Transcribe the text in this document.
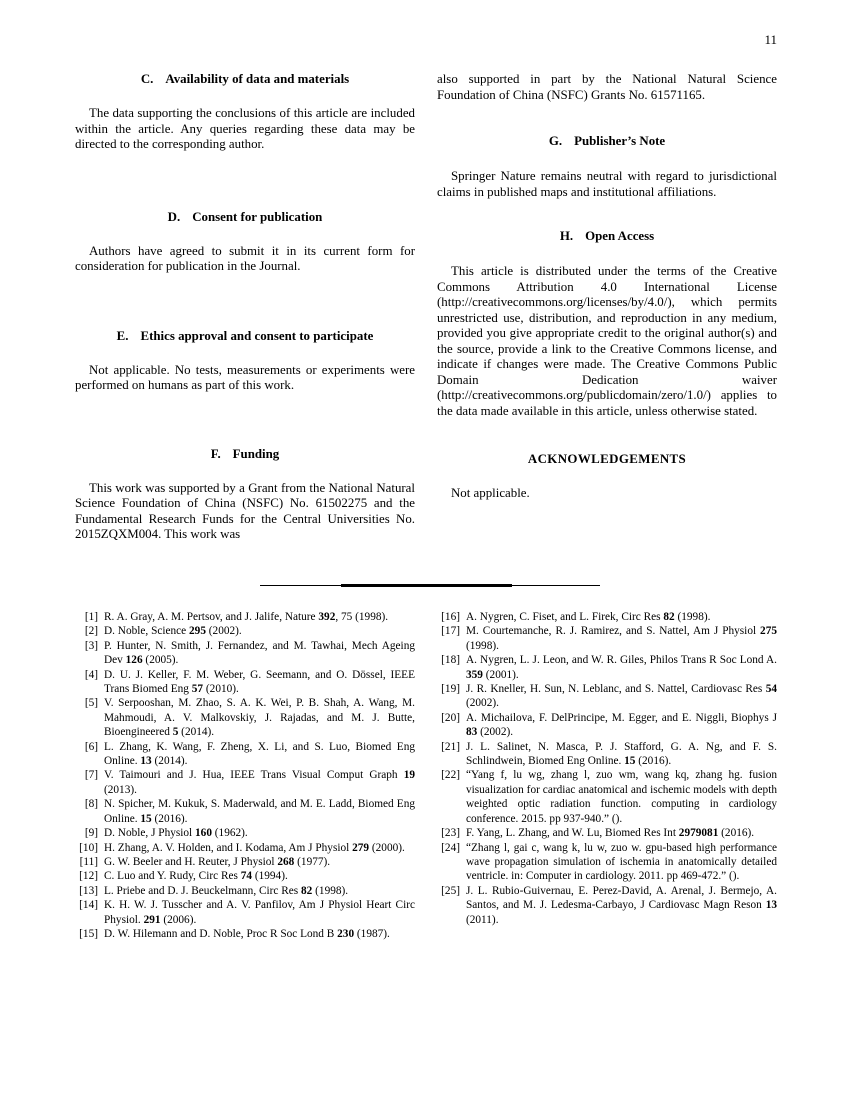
11
C. Availability of data and materials

The data supporting the conclusions of this article are included within the article. Any queries regarding these data may be directed to the corresponding author.

D. Consent for publication

Authors have agreed to submit it in its current form for consideration for publication in the Journal.

E. Ethics approval and consent to participate

Not applicable. No tests, measurements or experiments were performed on humans as part of this work.

F. Funding

This work was supported by a Grant from the National Natural Science Foundation of China (NSFC) No. 61502275 and the Fundamental Research Funds for the Central Universities No. 2015ZQXM004. This work was

also supported in part by the National Natural Science Foundation of China (NSFC) Grants No. 61571165.

G. Publisher’s Note

Springer Nature remains neutral with regard to jurisdictional claims in published maps and institutional affiliations.

H. Open Access

This article is distributed under the terms of the Creative Commons Attribution 4.0 International License (http://creativecommons.org/licenses/by/4.0/), which permits unrestricted use, distribution, and reproduction in any medium, provided you give appropriate credit to the original author(s) and the source, provide a link to the Creative Commons license, and indicate if changes were made. The Creative Commons Public Domain Dedication waiver (http://creativecommons.org/publicdomain/zero/1.0/) applies to the data made available in this article, unless otherwise stated.

ACKNOWLEDGEMENTS

Not applicable.

[1] R. A. Gray, A. M. Pertsov, and J. Jalife, Nature 392, 75 (1998).
[2] D. Noble, Science 295 (2002).
[3] P. Hunter, N. Smith, J. Fernandez, and M. Tawhai, Mech Ageing Dev 126 (2005).
[4] D. U. J. Keller, F. M. Weber, G. Seemann, and O. Dössel, IEEE Trans Biomed Eng 57 (2010).
[5] V. Serpooshan, M. Zhao, S. A. K. Wei, P. B. Shah, A. Wang, M. Mahmoudi, A. V. Malkovskiy, J. Rajadas, and M. J. Butte, Bioengineered 5 (2014).
[6] L. Zhang, K. Wang, F. Zheng, X. Li, and S. Luo, Biomed Eng Online. 13 (2014).
[7] V. Taimouri and J. Hua, IEEE Trans Visual Comput Graph 19 (2013).
[8] N. Spicher, M. Kukuk, S. Maderwald, and M. E. Ladd, Biomed Eng Online. 15 (2016).
[9] D. Noble, J Physiol 160 (1962).
[10] H. Zhang, A. V. Holden, and I. Kodama, Am J Physiol 279 (2000).
[11] G. W. Beeler and H. Reuter, J Physiol 268 (1977).
[12] C. Luo and Y. Rudy, Circ Res 74 (1994).
[13] L. Priebe and D. J. Beuckelmann, Circ Res 82 (1998).
[14] K. H. W. J. Tusscher and A. V. Panfilov, Am J Physiol Heart Circ Physiol. 291 (2006).
[15] D. W. Hilemann and D. Noble, Proc R Soc Lond B 230 (1987).
[16] A. Nygren, C. Fiset, and L. Firek, Circ Res 82 (1998).
[17] M. Courtemanche, R. J. Ramirez, and S. Nattel, Am J Physiol 275 (1998).
[18] A. Nygren, L. J. Leon, and W. R. Giles, Philos Trans R Soc Lond A. 359 (2001).
[19] J. R. Kneller, H. Sun, N. Leblanc, and S. Nattel, Cardiovasc Res 54 (2002).
[20] A. Michailova, F. DelPrincipe, M. Egger, and E. Niggli, Biophys J 83 (2002).
[21] J. L. Salinet, N. Masca, P. J. Stafford, G. A. Ng, and F. S. Schlindwein, Biomed Eng Online. 15 (2016).
[22] “Yang f, lu wg, zhang l, zuo wm, wang kq, zhang hg. fusion visualization for cardiac anatomical and ischemic models with depth weighted optic radiation function. computing in cardiology conference. 2015. pp 937-940.” ().
[23] F. Yang, L. Zhang, and W. Lu, Biomed Res Int 2979081 (2016).
[24] “Zhang l, gai c, wang k, lu w, zuo w. gpu-based high performance wave propagation simulation of ischemia in anatomically detailed ventricle. in: Computer in cardiology. 2011. pp 469-472.” ().
[25] J. L. Rubio-Guivernau, E. Perez-David, A. Arenal, J. Bermejo, A. Santos, and M. J. Ledesma-Carbayo, J Cardiovasc Magn Reson 13 (2011).
